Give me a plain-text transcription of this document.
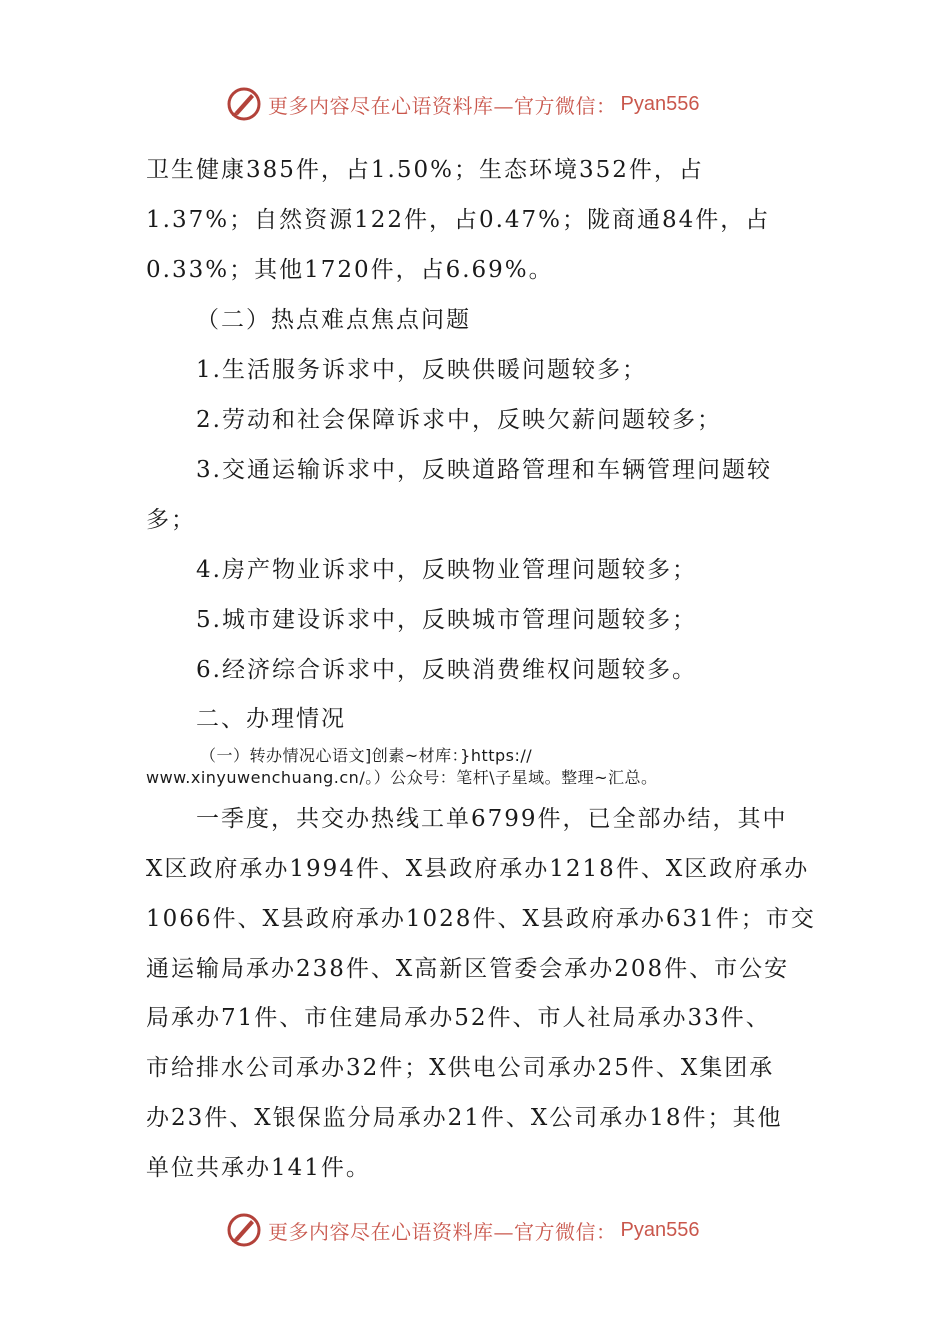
更多内容尽在心语资料库—官方微信： Pyan556
卫生健康385件，占1.50%；生态环境352件，占
1.37%；自然资源122件，占0.47%；陇商通84件，占
0.33%；其他1720件，占6.69%。
（二）热点难点焦点问题
1.生活服务诉求中，反映供暖问题较多；
2.劳动和社会保障诉求中，反映欠薪问题较多；
3.交通运输诉求中，反映道路管理和车辆管理问题较
多；
4.房产物业诉求中，反映物业管理问题较多；
5.城市建设诉求中，反映城市管理问题较多；
6.经济综合诉求中，反映消费维权问题较多。
二、办理情况
（一）转办情况心语文]创素~材库：}https://
www.xinyuwenchuang.cn/。）公众号：笔杆\子星域。整理~汇总。
一季度，共交办热线工单6799件，已全部办结，其中
X区政府承办1994件、X县政府承办1218件、X区政府承办
1066件、X县政府承办1028件、X县政府承办631件；市交
通运输局承办238件、X高新区管委会承办208件、市公安
局承办71件、市住建局承办52件、市人社局承办33件、
市给排水公司承办32件；X供电公司承办25件、X集团承
办23件、X银保监分局承办21件、X公司承办18件；其他
单位共承办141件。
更多内容尽在心语资料库—官方微信： Pyan556
